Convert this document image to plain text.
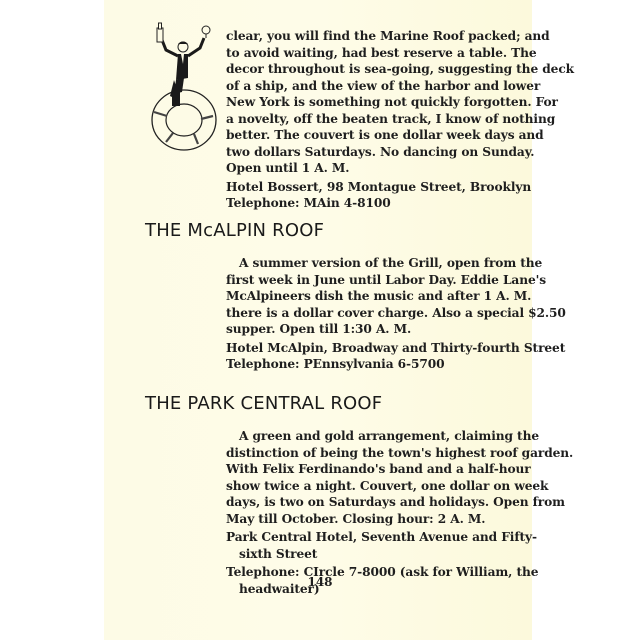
clear, you will find the Marine Roof packed; and
to avoid waiting, had best reserve a table. The
decor throughout is sea-going, suggesting the deck
of a ship, and the view of the harbor and lower
New York is something not quickly forgotten. For
a novelty, off the beaten track, I know of nothing
better. The couvert is one dollar week days and
two dollars Saturdays. No dancing on Sunday.
Open until 1 A. M.
Hotel Bossert, 98 Montague Street, Brooklyn
Telephone: MAin 4-8100
THE McALPIN ROOF
A summer version of the Grill, open from the
first week in June until Labor Day. Eddie Lane's
McAlpineers dish the music and after 1 A. M.
there is a dollar cover charge. Also a special $2.50
supper. Open till 1:30 A. M.
Hotel McAlpin, Broadway and Thirty-fourth Street
Telephone: PEnnsylvania 6-5700
THE PARK CENTRAL ROOF
A green and gold arrangement, claiming the
distinction of being the town's highest roof garden.
With Felix Ferdinando's band and a half-hour
show twice a night. Couvert, one dollar on week
days, is two on Saturdays and holidays. Open from
May till October. Closing hour: 2 A. M.
Park Central Hotel, Seventh Avenue and Fifty-
sixth Street
Telephone: CIrcle 7-8000 (ask for William, the
headwaiter)
148
